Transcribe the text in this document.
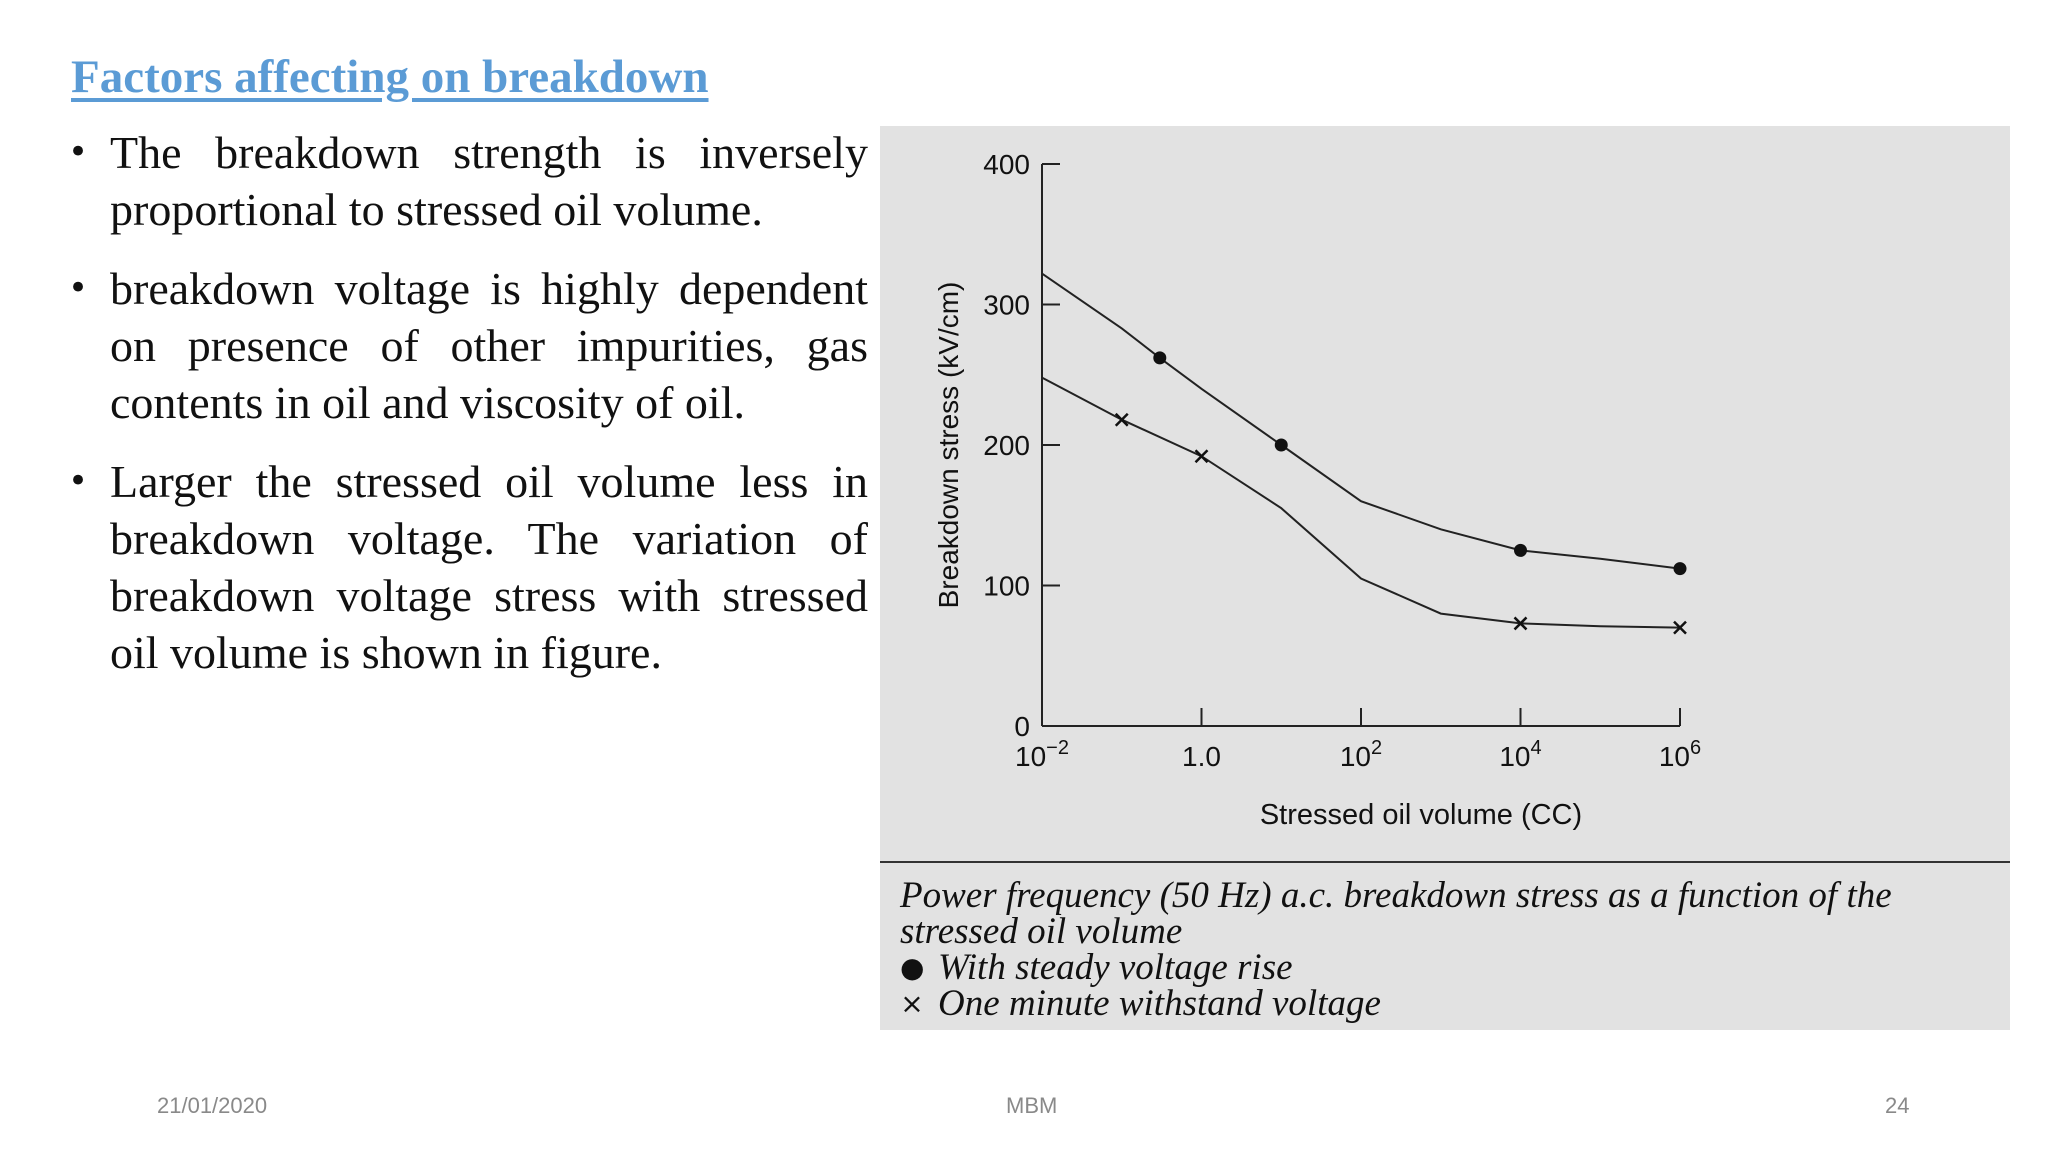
Factors affecting on breakdown
• The breakdown strength is inversely proportional to stressed oil volume.
• breakdown voltage is highly dependent on presence of other impurities, gas contents in oil and viscosity of oil.
• Larger the stressed oil volume less in breakdown voltage. The variation of breakdown voltage stress with stressed oil volume is shown in figure.
0
100
200
300
400
$10^{-2}$	1.0	$10^2$	$10^4$	$10^6$
Stressed oil volume (CC)
Breakdown stress (kV/cm)
Power frequency (50 Hz) a.c. breakdown stress as a function of the
stressed oil volume
● With steady voltage rise
× One minute withstand voltage
21/01/2020	MBM	24
